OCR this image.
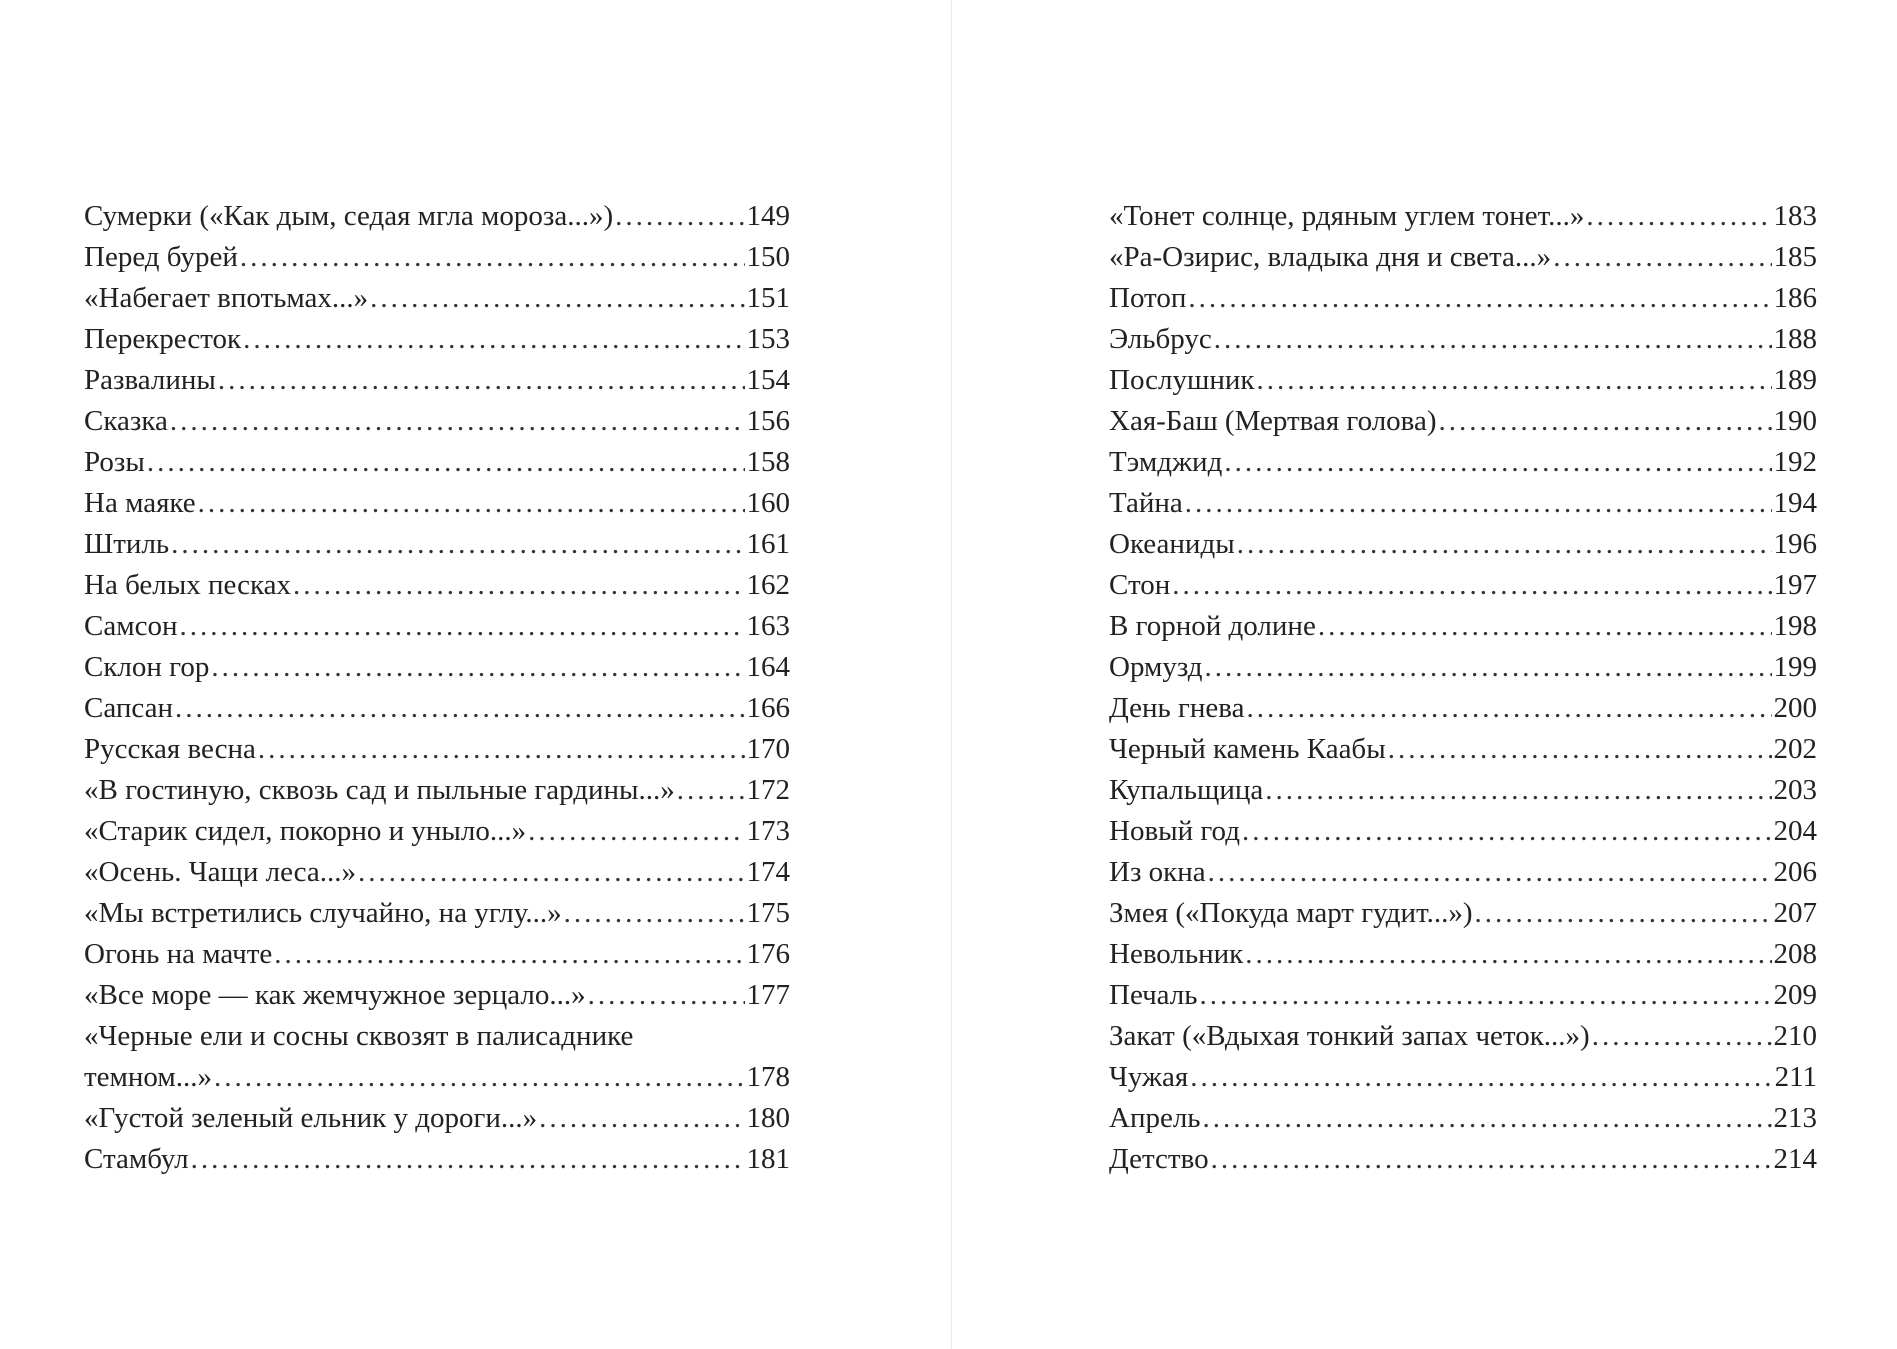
Сумерки («Как дым, седая мгла мороза...») .....	149
Перед бурей .....	150
«Набегает впотьмах...» .....	151
Перекресток .....	153
Развалины .....	154
Сказка .....	156
Розы .....	158
На маяке .....	160
Штиль .....	161
На белых песках .....	162
Самсон .....	163
Склон гор .....	164
Сапсан .....	166
Русская весна .....	170
«В гостиную, сквозь сад и пыльные гардины...» ..... 172
«Старик сидел, покорно и уныло...» .....	173
«Осень. Чащи леса...» .....	174
«Мы встретились случайно, на углу...» .....	175
Огонь на мачте .....	176
«Все море — как жемчужное зерцало...» .....	177
«Черные ели и сосны сквозят в палисаднике
темном...» .....	178
«Густой зеленый ельник у дороги...» .....	180
Стамбул .....	181
«Тонет солнце, рдяным углем тонет...» .....	183
«Ра-Озирис, владыка дня и света...» .....	185
Потоп .....	186
Эльбрус .....	188
Послушник .....	189
Хая-Баш (Мертвая голова) .....	190
Тэмджид .....	192
Тайна .....	194
Океаниды .....	196
Стон .....	197
В горной долине .....	198
Ормузд .....	199
День гнева .....	200
Черный камень Каабы .....	202
Купальщица .....	203
Новый год .....	204
Из окна .....	206
Змея («Покуда март гудит...») .....	207
Невольник .....	208
Печаль .....	209
Закат («Вдыхая тонкий запах четок...») .....	210
Чужая .....	211
Апрель .....	213
Детство .....	214
